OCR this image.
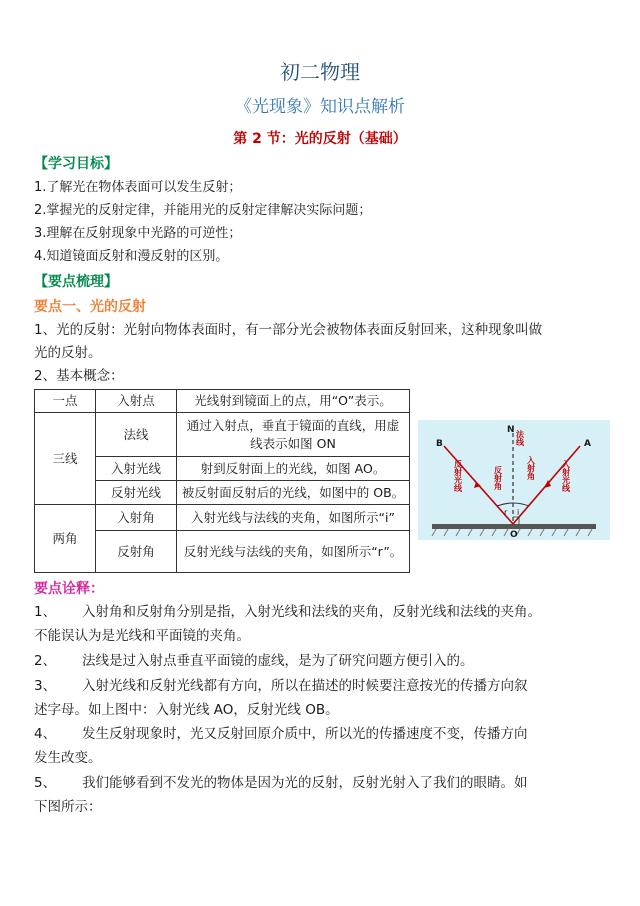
初二物理
《光现象》知识点解析
第 2 节：光的反射（基础）
【学习目标】
1.了解光在物体表面可以发生反射；
2.掌握光的反射定律，并能用光的反射定律解决实际问题；
3.理解在反射现象中光路的可逆性；
4.知道镜面反射和漫反射的区别。
【要点梳理】
要点一、光的反射
1、光的反射：光射向物体表面时，有一部分光会被物体表面反射回来，这种现象叫做
光的反射。
2、基本概念：
一点	入射点	光线射到镜面上的点，用“O”表示。
三线	法线	通过入射点，垂直于镜面的直线，用虚线表示如图 ON
	入射光线	射到反射面上的光线，如图 AO。
	反射光线	被反射面反射后的光线，如图中的 OB。
两角	入射角	入射光线与法线的夹角，如图所示“i”
	反射角	反射光线与法线的夹角，如图所示“r”。
N
B	A
O
r i
法线
反射光线	入射光线
反射角	入射角
要点诠释：
1、 入射角和反射角分别是指，入射光线和法线的夹角，反射光线和法线的夹角。
不能误认为是光线和平面镜的夹角。
2、 法线是过入射点垂直平面镜的虚线，是为了研究问题方便引入的。
3、 入射光线和反射光线都有方向，所以在描述的时候要注意按光的传播方向叙
述字母。如上图中：入射光线 AO，反射光线 OB。
4、 发生反射现象时，光又反射回原介质中，所以光的传播速度不变，传播方向
发生改变。
5、 我们能够看到不发光的物体是因为光的反射，反射光射入了我们的眼睛。如
下图所示：
